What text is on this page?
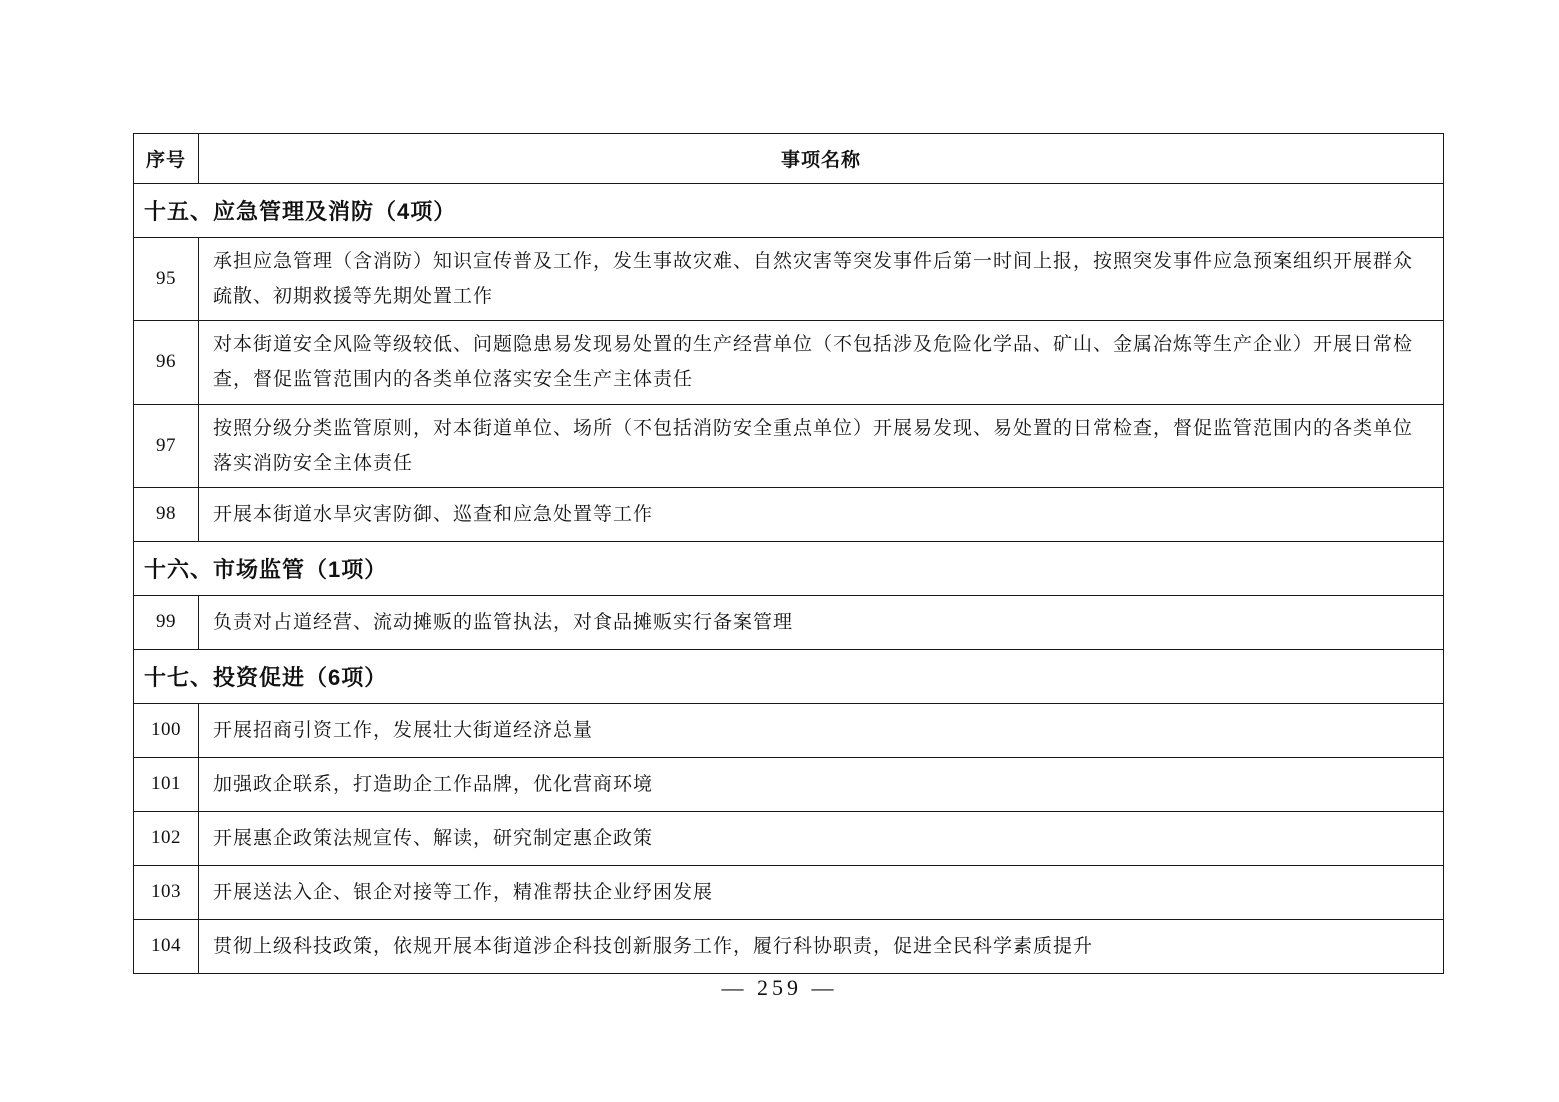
序号	事项名称
十五、应急管理及消防（4项）	
95	承担应急管理（含消防）知识宣传普及工作，发生事故灾难、自然灾害等突发事件后第一时间上报，按照突发事件应急预案组织开展群众疏散、初期救援等先期处置工作
96	对本街道安全风险等级较低、问题隐患易发现易处置的生产经营单位（不包括涉及危险化学品、矿山、金属冶炼等生产企业）开展日常检查，督促监管范围内的各类单位落实安全生产主体责任
97	按照分级分类监管原则，对本街道单位、场所（不包括消防安全重点单位）开展易发现、易处置的日常检查，督促监管范围内的各类单位落实消防安全主体责任
98	开展本街道水旱灾害防御、巡查和应急处置等工作
十六、市场监管（1项）	
99	负责对占道经营、流动摊贩的监管执法，对食品摊贩实行备案管理
十七、投资促进（6项）	
100	开展招商引资工作，发展壮大街道经济总量
101	加强政企联系，打造助企工作品牌，优化营商环境
102	开展惠企政策法规宣传、解读，研究制定惠企政策
103	开展送法入企、银企对接等工作，精准帮扶企业纾困发展
104	贯彻上级科技政策，依规开展本街道涉企科技创新服务工作，履行科协职责，促进全民科学素质提升
— 259 —
